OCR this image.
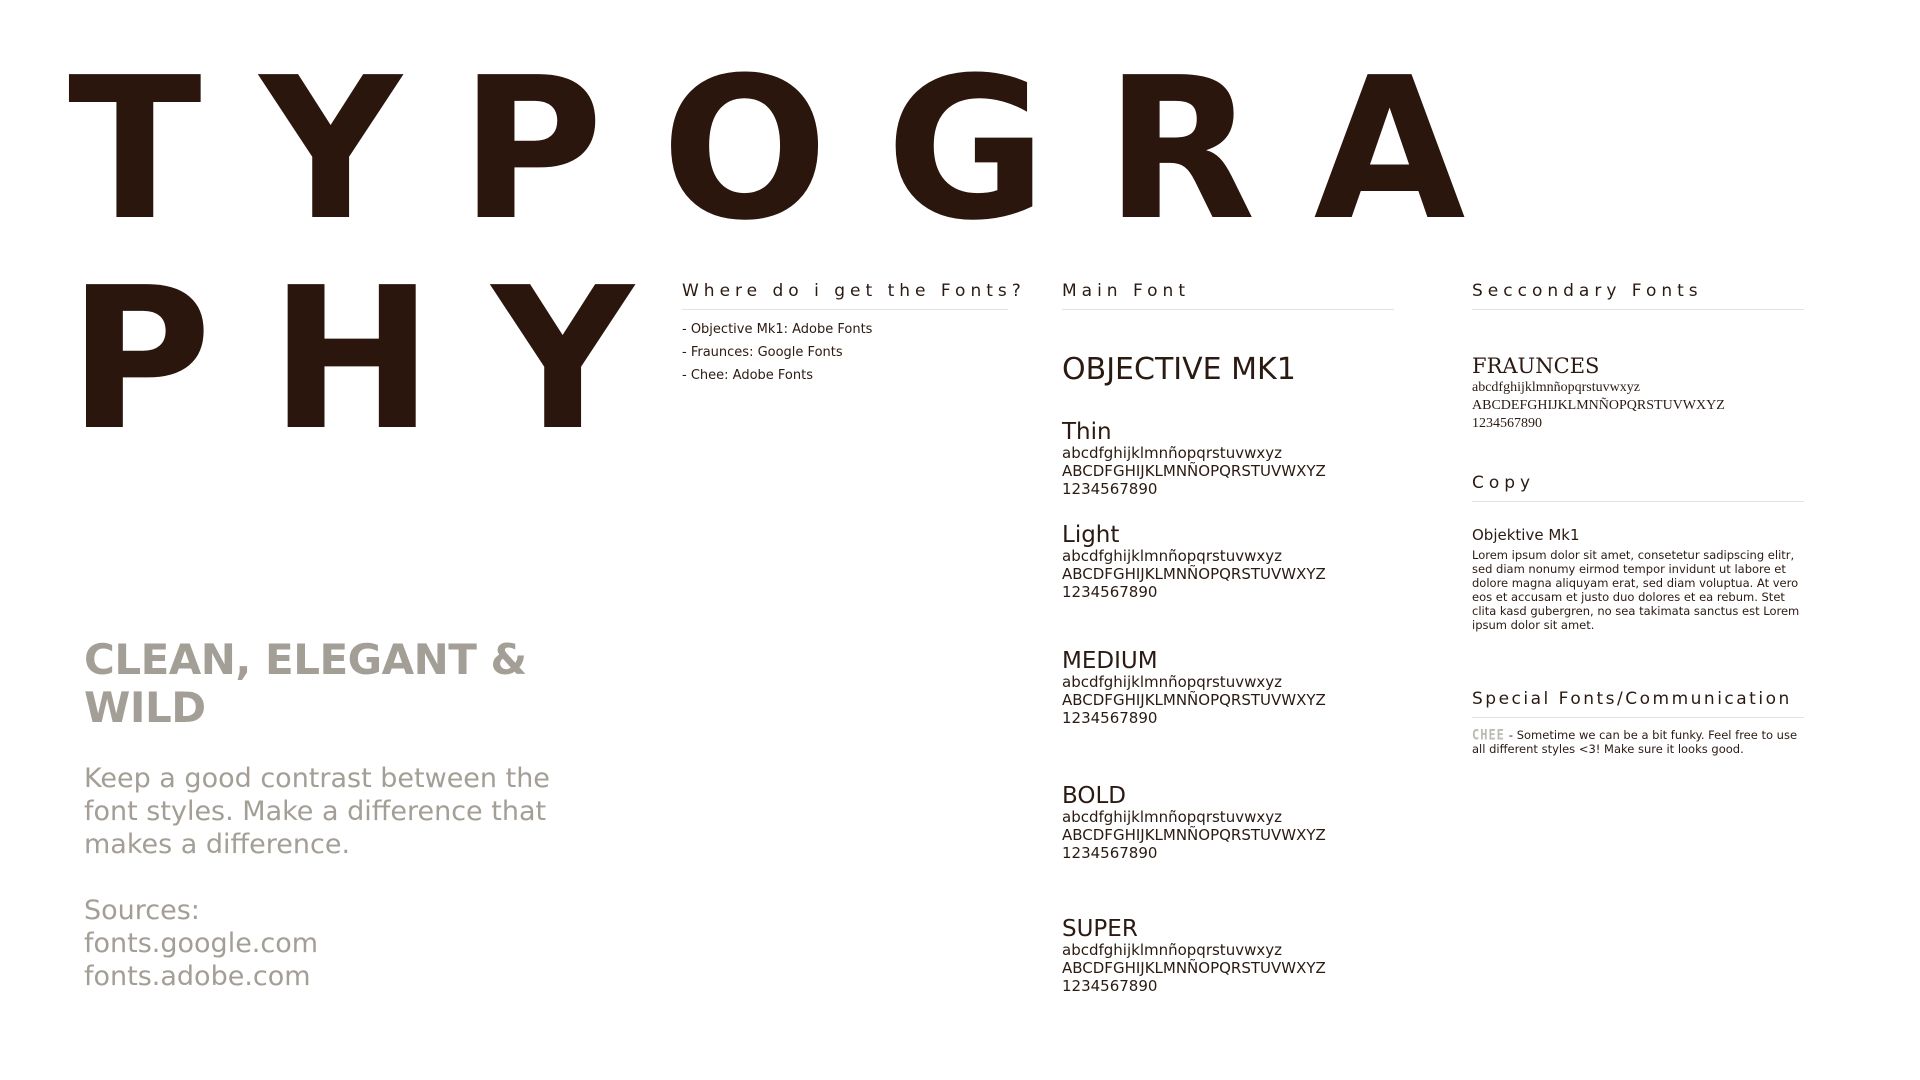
TYPOGRA
PHY
CLEAN, ELEGANT & WILD
Keep a good contrast between the font styles. Make a difference that makes a difference.
Sources:
fonts.google.com
fonts.adobe.com
Where do i get the Fonts?
- Objective Mk1: Adobe Fonts
- Fraunces: Google Fonts
- Chee: Adobe Fonts
Main Font
OBJECTIVE MK1
Thin
abcdfghijklmnñopqrstuvwxyz
ABCDFGHIJKLMNÑOPQRSTUVWXYZ
1234567890
Light
abcdfghijklmnñopqrstuvwxyz
ABCDFGHIJKLMNÑOPQRSTUVWXYZ
1234567890
MEDIUM
abcdfghijklmnñopqrstuvwxyz
ABCDFGHIJKLMNÑOPQRSTUVWXYZ
1234567890
BOLD
abcdfghijklmnñopqrstuvwxyz
ABCDFGHIJKLMNÑOPQRSTUVWXYZ
1234567890
SUPER
abcdfghijklmnñopqrstuvwxyz
ABCDFGHIJKLMNÑOPQRSTUVWXYZ
1234567890
Seccondary Fonts
FRAUNCES
abcdfghijklmnñopqrstuvwxyz
ABCDEFGHIJKLMNÑOPQRSTUVWXYZ
1234567890
Copy
Objektive Mk1
Lorem ipsum dolor sit amet, consetetur sadipscing elitr, sed diam nonumy eirmod tempor invidunt ut labore et dolore magna aliquyam erat, sed diam voluptua. At vero eos et accusam et justo duo dolores et ea rebum. Stet clita kasd gubergren, no sea takimata sanctus est Lorem ipsum dolor sit amet.
Special Fonts/Communication
CHEE - Sometime we can be a bit funky. Feel free to use all different styles <3! Make sure it looks good.
